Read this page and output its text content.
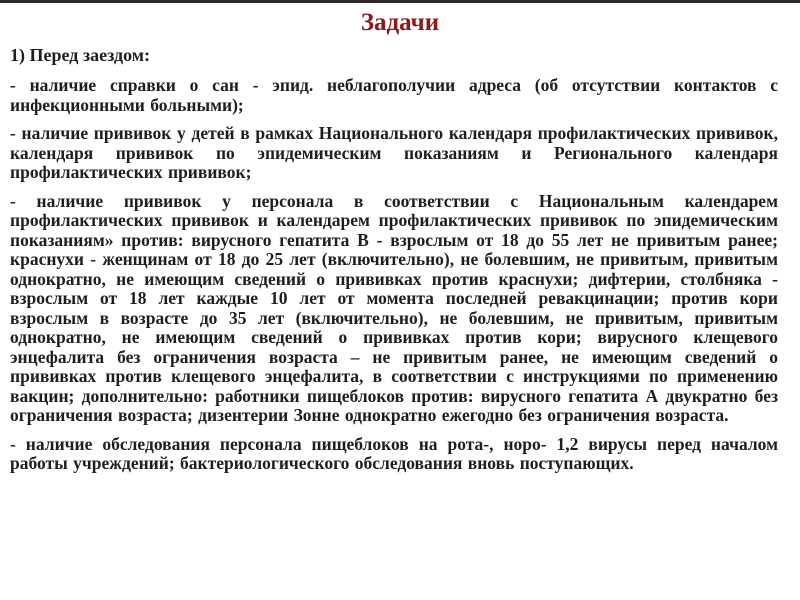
Задачи
1) Перед заездом:

- наличие справки о сан - эпид. неблагополучии адреса (об отсутствии контактов с инфекционными больными);

- наличие прививок у детей в рамках Национального календаря профилактических прививок, календаря прививок по эпидемическим показаниям и Регионального календаря профилактических прививок;

- наличие прививок у персонала в соответствии с Национальным календарем профилактических прививок и календарем профилактических прививок по эпидемическим показаниям» против: вирусного гепатита В - взрослым от 18 до 55 лет не привитым ранее; краснухи - женщинам от 18 до 25 лет (включительно), не болевшим, не привитым, привитым однократно, не имеющим сведений о прививках против краснухи; дифтерии, столбняка - взрослым от 18 лет каждые 10 лет от момента последней ревакцинации; против кори взрослым в возрасте до 35 лет (включительно), не болевшим, не привитым, привитым однократно, не имеющим сведений о прививках против кори; вирусного клещевого энцефалита без ограничения возраста – не привитым ранее, не имеющим сведений о прививках против клещевого энцефалита, в соответствии с инструкциями по применению вакцин; дополнительно: работники пищеблоков против: вирусного гепатита А двукратно без ограничения возраста; дизентерии Зонне однократно ежегодно без ограничения возраста.

- наличие обследования персонала пищеблоков на рота-, норо- 1,2 вирусы перед началом работы учреждений; бактериологического обследования вновь поступающих.
